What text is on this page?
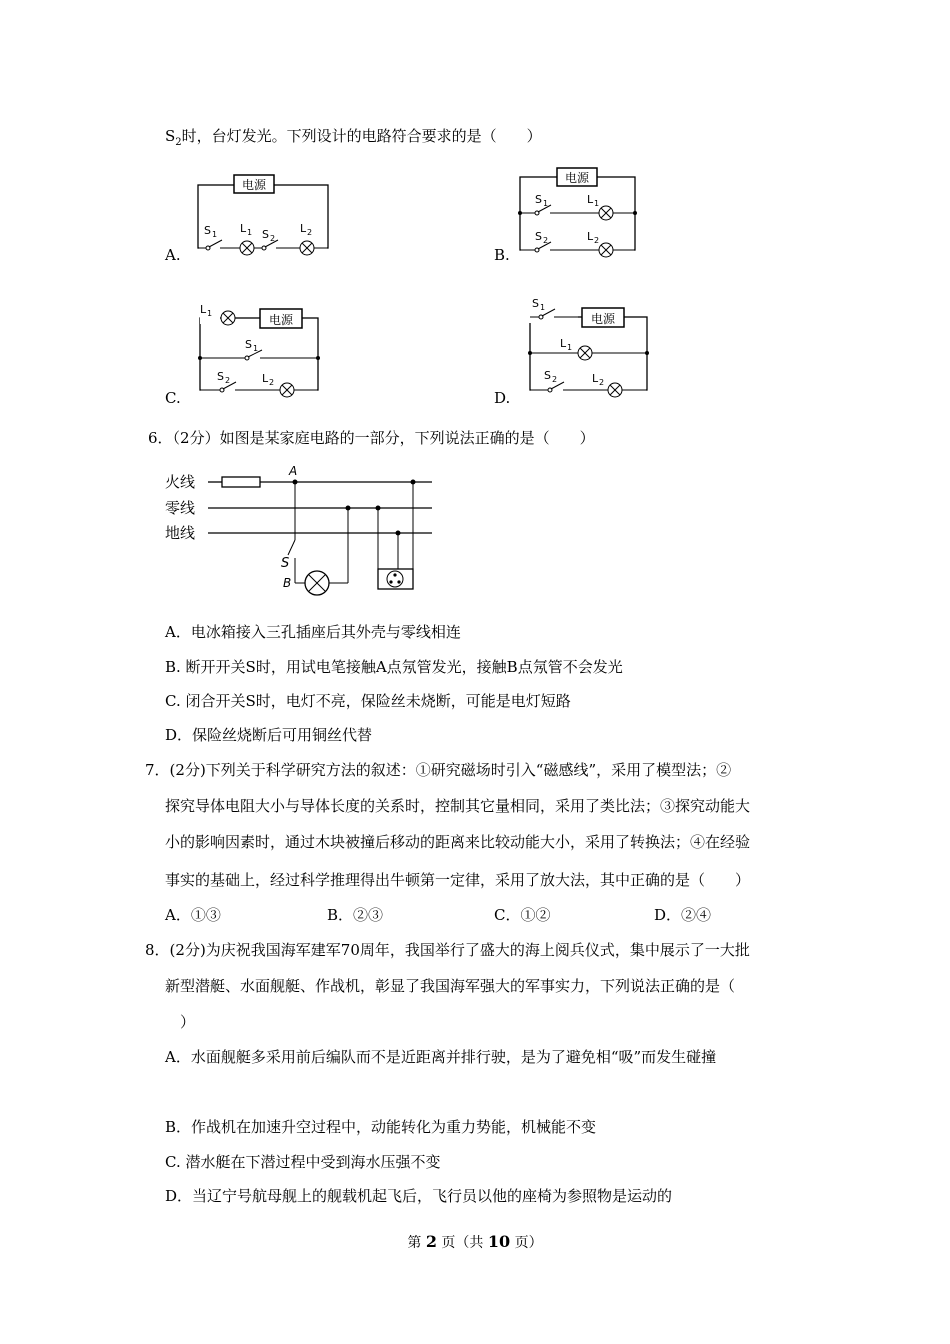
$S_2$时，台灯发光。下列设计的电路符合要求的是（　　）
A.
电源
S 1 L 1 S 2
L 2
B.
电源
S 1	L 1
S 2	L 2
C.
电源
L 1
S 1
S 2	L 2
D.
电源
S 1
L 1
S 2	L 2
6．（2分）如图是某家庭电路的一部分，下列说法正确的是（　　）
火线
零线
地线
A
S
B
A．电冰箱接入三孔插座后其外壳与零线相连
B. 断开开关S时，用试电笔接触A点氖管发光，接触B点氖管不会发光
C. 闭合开关S时，电灯不亮，保险丝未烧断，可能是电灯短路
D．保险丝烧断后可用铜丝代替
7．(2分)下列关于科学研究方法的叙述：①研究磁场时引入“磁感线”，采用了模型法；②
探究导体电阻大小与导体长度的关系时，控制其它量相同，采用了类比法；③探究动能大
小的影响因素时，通过木块被撞后移动的距离来比较动能大小，采用了转换法；④在经验
事实的基础上，经过科学推理得出牛顿第一定律，采用了放大法，其中正确的是（　　）
A．①③	B．②③	C．①②	D．②④
8．(2分)为庆祝我国海军建军70周年，我国举行了盛大的海上阅兵仪式，集中展示了一大批
新型潜艇、水面舰艇、作战机，彰显了我国海军强大的军事实力，下列说法正确的是（
）
A．水面舰艇多采用前后编队而不是近距离并排行驶，是为了避免相“吸”而发生碰撞
B．作战机在加速升空过程中，动能转化为重力势能，机械能不变
C. 潜水艇在下潜过程中受到海水压强不变
D．当辽宁号航母舰上的舰载机起飞后，飞行员以他的座椅为参照物是运动的
第 2 页（共 10 页）
